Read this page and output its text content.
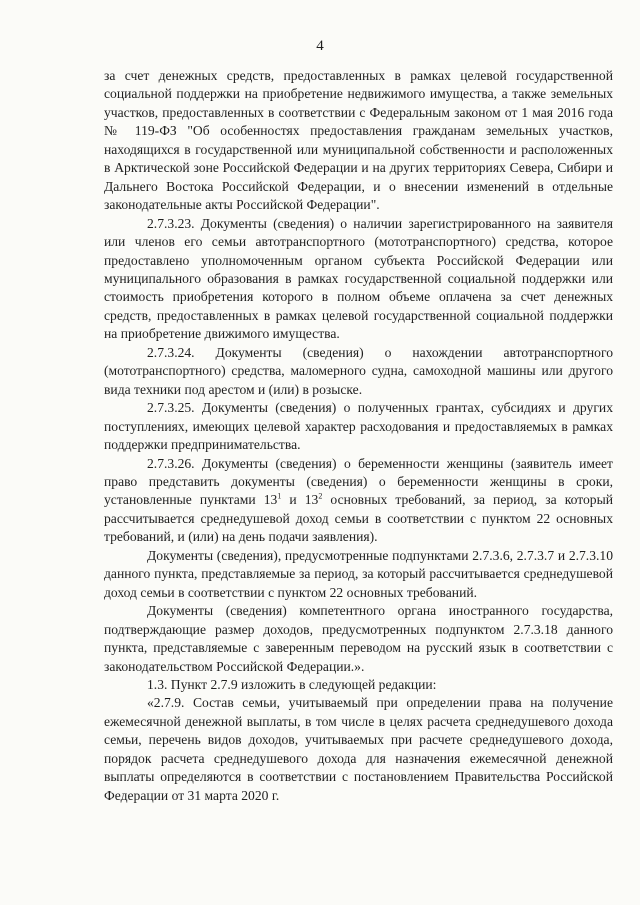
4

за счет денежных средств, предоставленных в рамках целевой государственной социальной поддержки на приобретение недвижимого имущества, а также земельных участков, предоставленных в соответствии с Федеральным законом от 1 мая 2016 года № 119-ФЗ "Об особенностях предоставления гражданам земельных участков, находящихся в государственной или муниципальной собственности и расположенных в Арктической зоне Российской Федерации и на других территориях Севера, Сибири и Дальнего Востока Российской Федерации, и о внесении изменений в отдельные законодательные акты Российской Федерации".

2.7.3.23. Документы (сведения) о наличии зарегистрированного на заявителя или членов его семьи автотранспортного (мототранспортного) средства, которое предоставлено уполномоченным органом субъекта Российской Федерации или муниципального образования в рамках государственной социальной поддержки или стоимость приобретения которого в полном объеме оплачена за счет денежных средств, предоставленных в рамках целевой государственной социальной поддержки на приобретение движимого имущества.

2.7.3.24. Документы (сведения) о нахождении автотранспортного (мототранспортного) средства, маломерного судна, самоходной машины или другого вида техники под арестом и (или) в розыске.

2.7.3.25. Документы (сведения) о полученных грантах, субсидиях и других поступлениях, имеющих целевой характер расходования и предоставляемых в рамках поддержки предпринимательства.

2.7.3.26. Документы (сведения) о беременности женщины (заявитель имеет право представить документы (сведения) о беременности женщины в сроки, установленные пунктами $13^1$ и $13^2$ основных требований, за период, за который рассчитывается среднедушевой доход семьи в соответствии с пунктом 22 основных требований, и (или) на день подачи заявления).

Документы (сведения), предусмотренные подпунктами 2.7.3.6, 2.7.3.7 и 2.7.3.10 данного пункта, представляемые за период, за который рассчитывается среднедушевой доход семьи в соответствии с пунктом 22 основных требований.

Документы (сведения) компетентного органа иностранного государства, подтверждающие размер доходов, предусмотренных подпунктом 2.7.3.18 данного пункта, представляемые с заверенным переводом на русский язык в соответствии с законодательством Российской Федерации.».

1.3. Пункт 2.7.9 изложить в следующей редакции:

«2.7.9. Состав семьи, учитываемый при определении права на получение ежемесячной денежной выплаты, в том числе в целях расчета среднедушевого дохода семьи, перечень видов доходов, учитываемых при расчете среднедушевого дохода, порядок расчета среднедушевого дохода для назначения ежемесячной денежной выплаты определяются в соответствии с постановлением Правительства Российской Федерации от 31 марта 2020 г.
